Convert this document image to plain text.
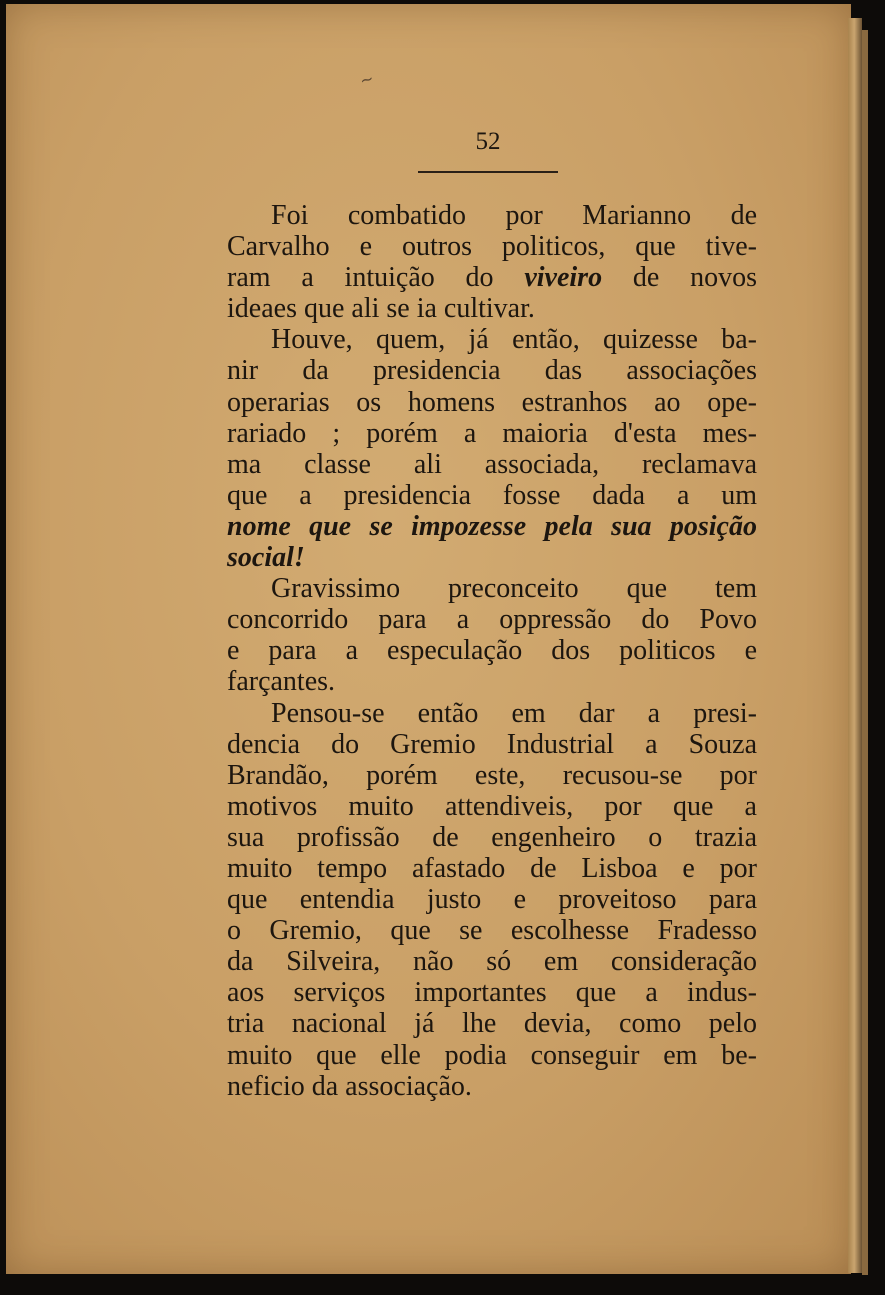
~
52
Foi combatido por Marianno de
Carvalho e outros politicos, que tive-
ram a intuição do viveiro de novos
ideaes que ali se ia cultivar.
Houve, quem, já então, quizesse ba-
nir da presidencia das associações
operarias os homens estranhos ao ope-
rariado ; porém a maioria d'esta mes-
ma classe ali associada, reclamava
que a presidencia fosse dada a um
nome que se impozesse pela sua posição
social!
Gravissimo preconceito que tem
concorrido para a oppressão do Povo
e para a especulação dos politicos e
farçantes.
Pensou-se então em dar a presi-
dencia do Gremio Industrial a Souza
Brandão, porém este, recusou-se por
motivos muito attendiveis, por que a
sua profissão de engenheiro o trazia
muito tempo afastado de Lisboa e por
que entendia justo e proveitoso para
o Gremio, que se escolhesse Fradesso
da Silveira, não só em consideração
aos serviços importantes que a indus-
tria nacional já lhe devia, como pelo
muito que elle podia conseguir em be-
neficio da associação.
